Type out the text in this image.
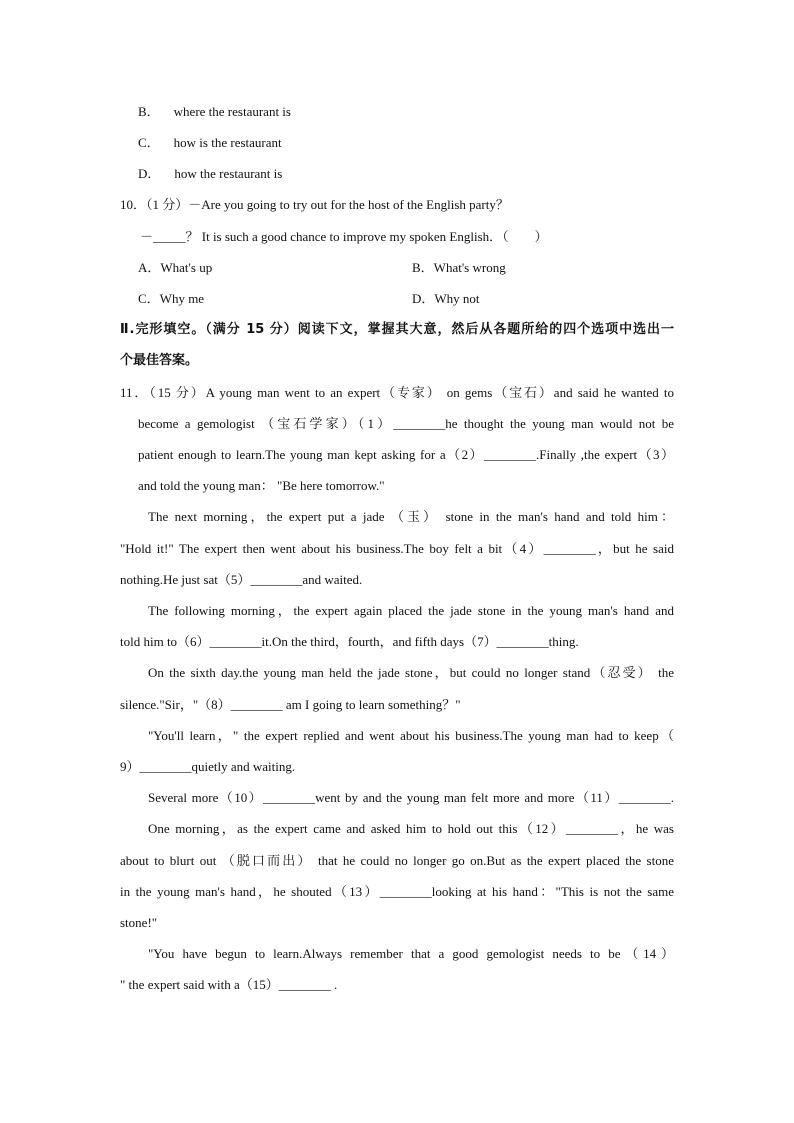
B． where the restaurant is
C． how is the restaurant
D． how the restaurant is
10．（1 分）－Are you going to try out for the host of the English party？
－_____？ It is such a good chance to improve my spoken English．（　　）
A．What's up	B．What's wrong
C．Why me	D．Why not
Ⅱ.完形填空。（满分 15 分）阅读下文，掌握其大意，然后从各题所给的四个选项中选出一
个最佳答案。
11．（15 分）A young man went to an expert（专家） on gems（宝石）and said he wanted to
become a gemologist （宝石学家）（1）________he thought the young man would not be
patient enough to learn.The young man kept asking for a（2）________.Finally ,the expert（3）
and told the young man： "Be here tomorrow."
The next morning，the expert put a jade （玉） stone in the man's hand and told him：
"Hold it!" The expert then went about his business.The boy felt a bit（4）________，but he said
nothing.He just sat（5）________and waited.
The following morning，the expert again placed the jade stone in the young man's hand and
told him to（6）________it.On the third，fourth，and fifth days（7）________thing.
On the sixth day.the young man held the jade stone，but could no longer stand（忍受） the
silence."Sir，"（8）________ am I going to learn something？"
"You'll learn，" the expert replied and went about his business.The young man had to keep（
9）________quietly and waiting.
Several more（10）________went by and the young man felt more and more（11）________.
One morning，as the expert came and asked him to hold out this（12）________，he was
about to blurt out （脱口而出） that he could no longer go on.But as the expert placed the stone
in the young man's hand，he shouted（13）________looking at his hand："This is not the same
stone!"
"You have begun to learn.Always remember that a good gemologist needs to be（14）
" the expert said with a（15）________ .
